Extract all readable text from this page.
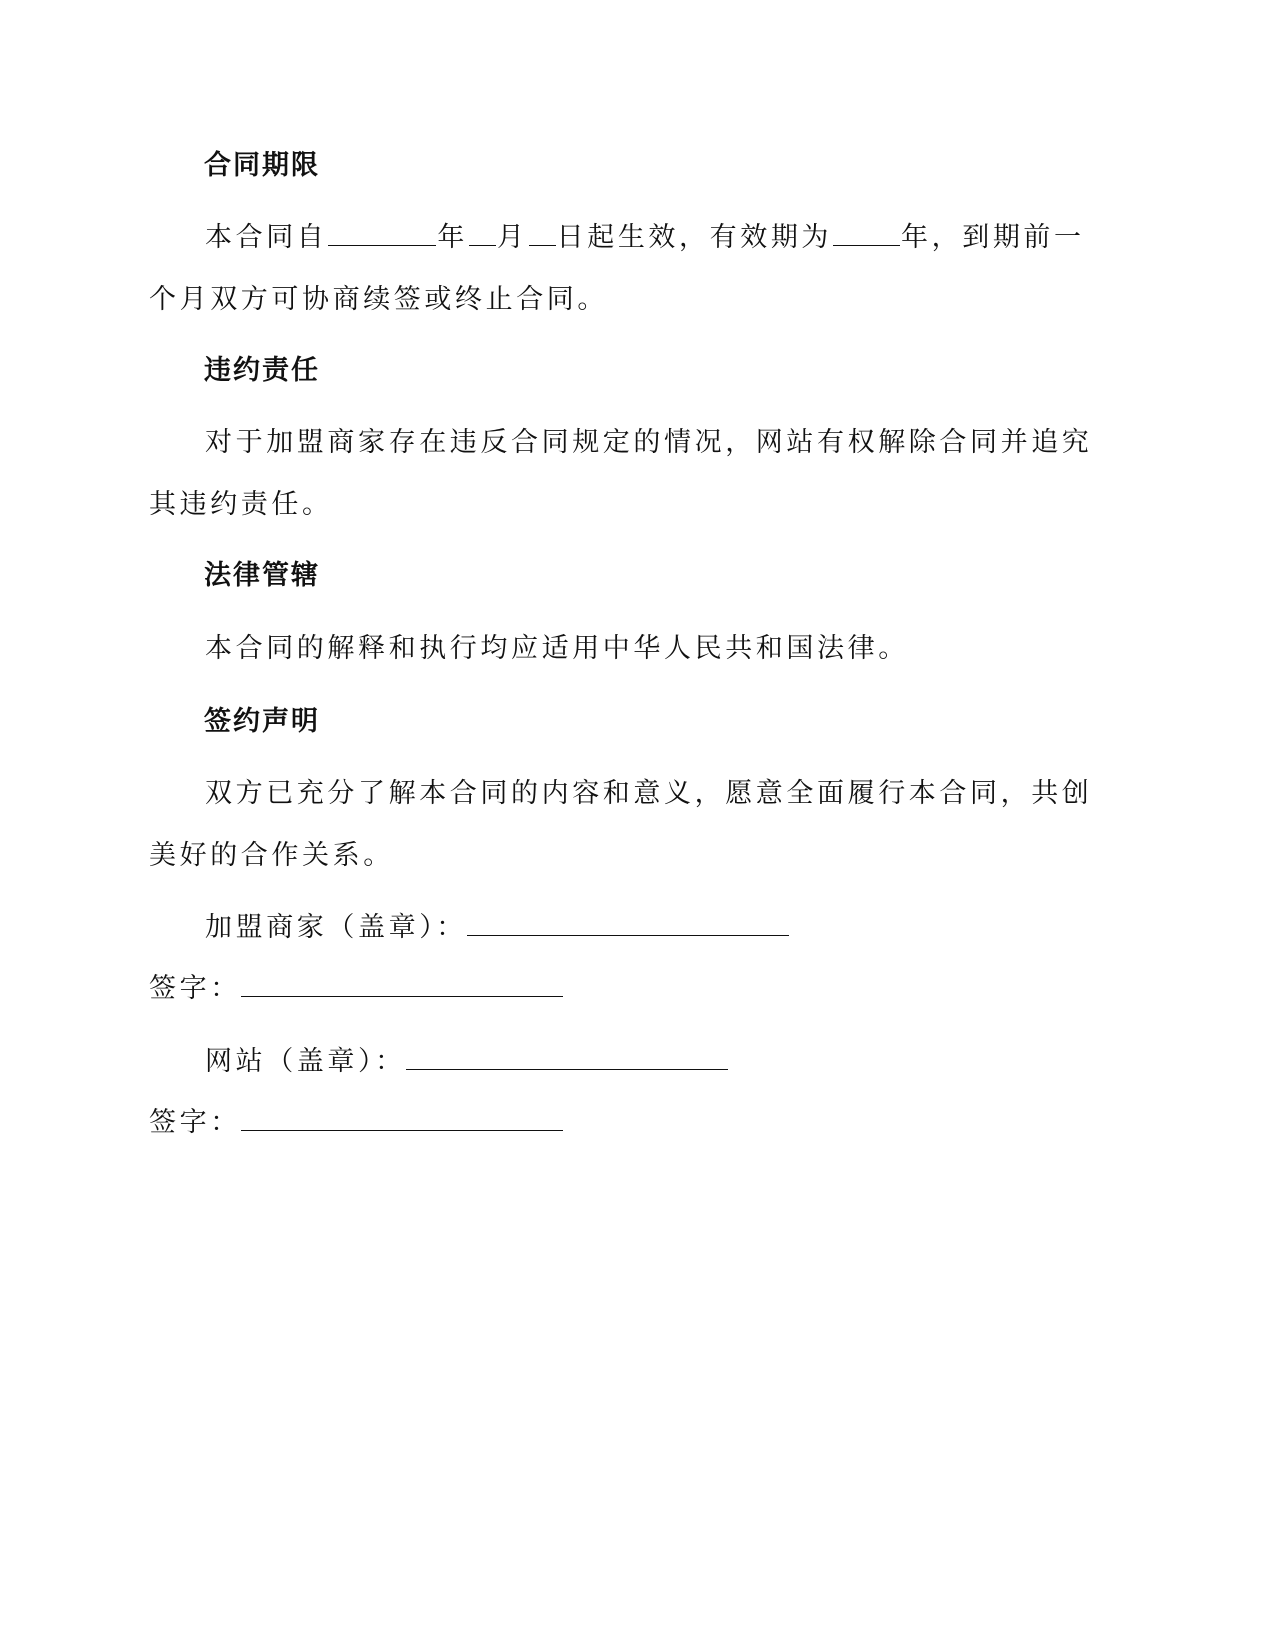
合同期限

本合同自	年 月 日起生效，有效期为	年，到期前一个月双方可协商续签或终止合同。

违约责任

对于加盟商家存在违反合同规定的情况，网站有权解除合同并追究其违约责任。

法律管辖

本合同的解释和执行均应适用中华人民共和国法律。

签约声明

双方已充分了解本合同的内容和意义，愿意全面履行本合同，共创美好的合作关系。

加盟商家（盖章）：
签字：
网站（盖章）：
签字：
